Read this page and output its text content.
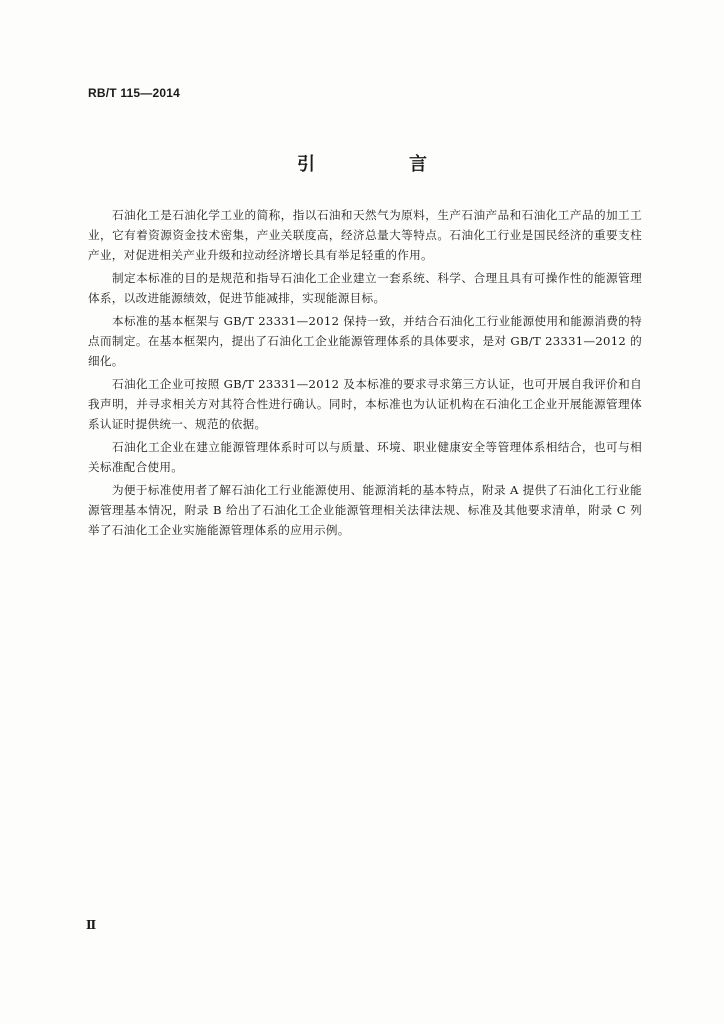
RB/T 115—2014
引　言

石油化工是石油化学工业的简称，指以石油和天然气为原料，生产石油产品和石油化工产品的加工工业，它有着资源资金技术密集，产业关联度高，经济总量大等特点。石油化工行业是国民经济的重要支柱产业，对促进相关产业升级和拉动经济增长具有举足轻重的作用。

制定本标准的目的是规范和指导石油化工企业建立一套系统、科学、合理且具有可操作性的能源管理体系，以改进能源绩效，促进节能减排，实现能源目标。

本标准的基本框架与 GB/T 23331—2012 保持一致，并结合石油化工行业能源使用和能源消费的特点而制定。在基本框架内，提出了石油化工企业能源管理体系的具体要求，是对 GB/T 23331—2012 的细化。

石油化工企业可按照 GB/T 23331—2012 及本标准的要求寻求第三方认证，也可开展自我评价和自我声明，并寻求相关方对其符合性进行确认。同时，本标准也为认证机构在石油化工企业开展能源管理体系认证时提供统一、规范的依据。

石油化工企业在建立能源管理体系时可以与质量、环境、职业健康安全等管理体系相结合，也可与相关标准配合使用。

为便于标准使用者了解石油化工行业能源使用、能源消耗的基本特点，附录 A 提供了石油化工行业能源管理基本情况，附录 B 给出了石油化工企业能源管理相关法律法规、标准及其他要求清单，附录 C 列举了石油化工企业实施能源管理体系的应用示例。

Ⅱ
